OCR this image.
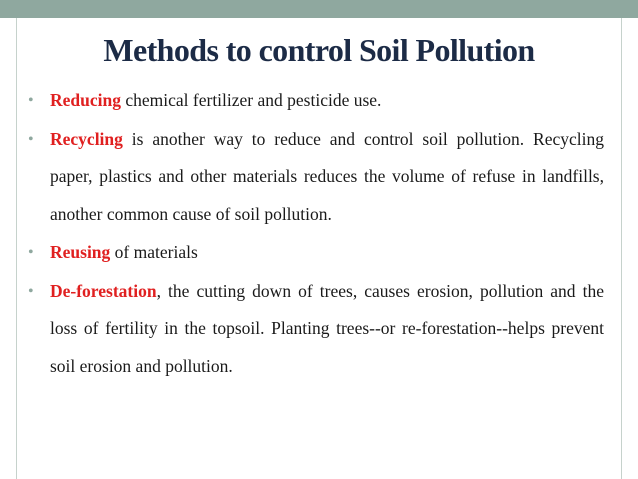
Methods to control Soil Pollution
• Reducing chemical fertilizer and pesticide use.
• Recycling is another way to reduce and control soil pollution. Recycling paper, plastics and other materials reduces the volume of refuse in landfills, another common cause of soil pollution.
• Reusing of materials
• De-forestation, the cutting down of trees, causes erosion, pollution and the loss of fertility in the topsoil. Planting trees--or re-forestation--helps prevent soil erosion and pollution.
